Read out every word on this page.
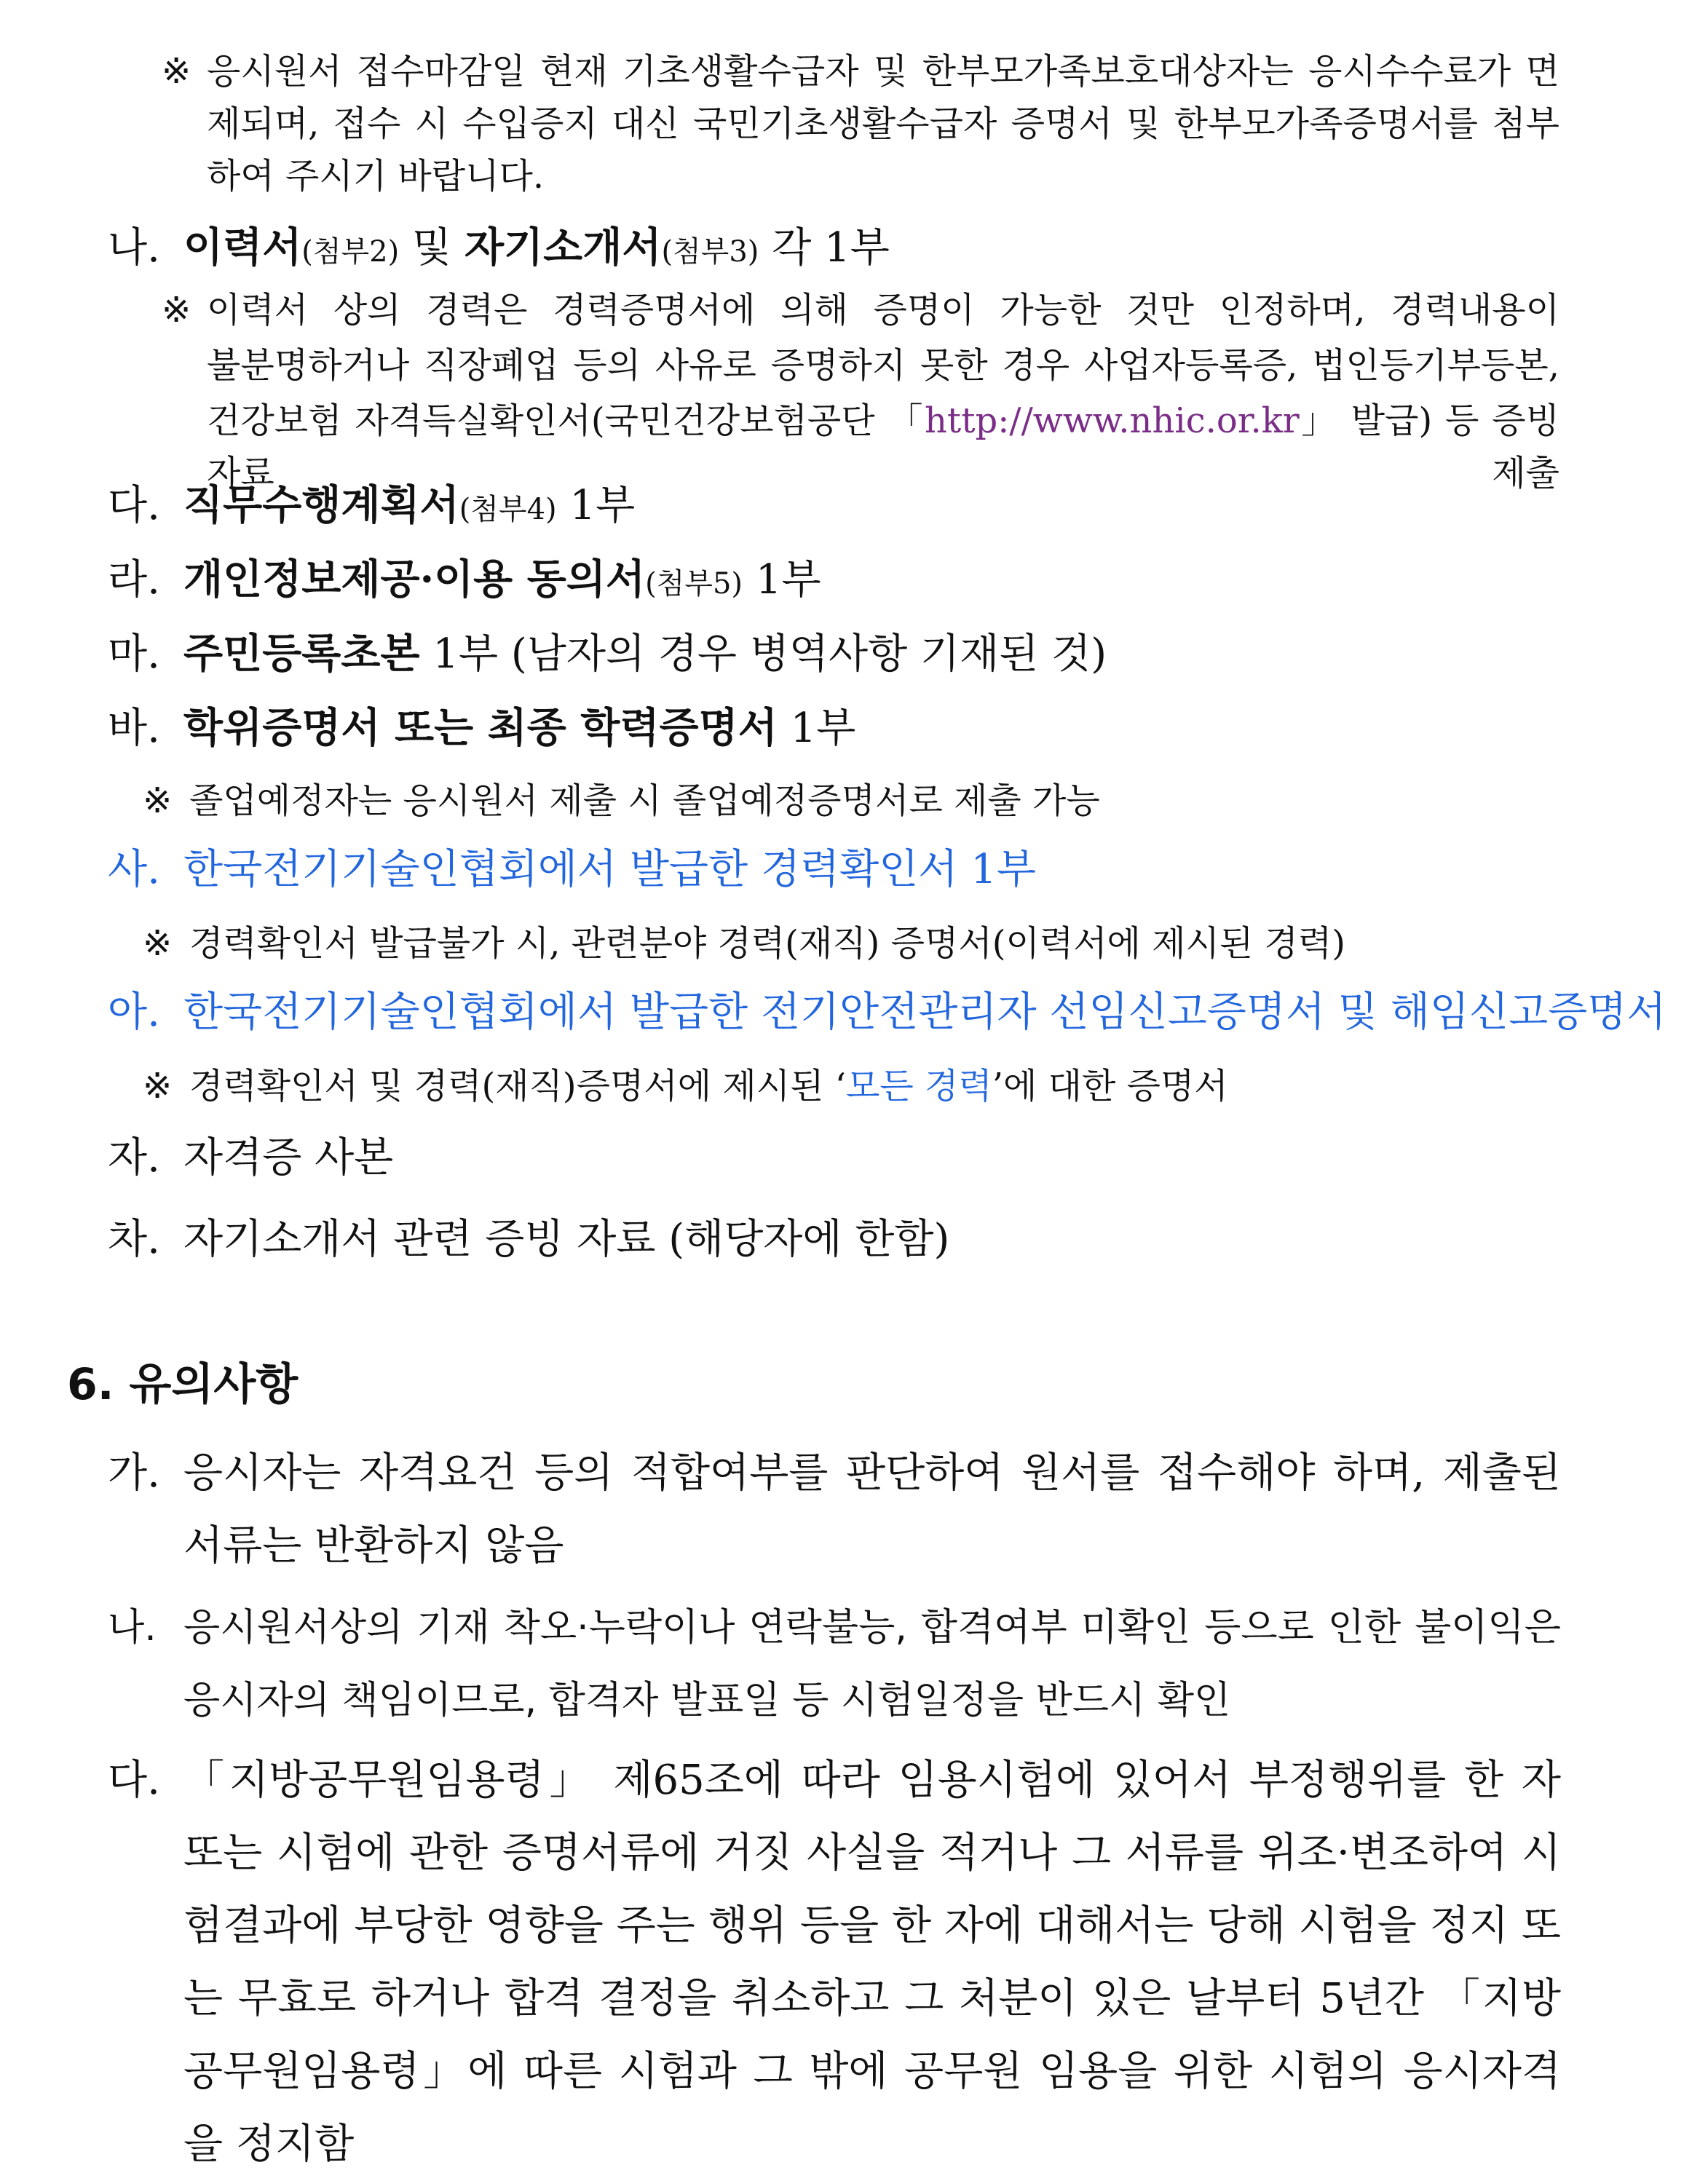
※ 응시원서 접수마감일 현재 기초생활수급자 및 한부모가족보호대상자는 응시수수료가 면제되며, 접수 시 수입증지 대신 국민기초생활수급자 증명서 및 한부모가족증명서를 첨부하여 주시기 바랍니다.
나. 이력서(첨부2) 및 자기소개서(첨부3) 각 1부
※ 이력서 상의 경력은 경력증명서에 의해 증명이 가능한 것만 인정하며, 경력내용이
불분명하거나 직장폐업 등의 사유로 증명하지 못한 경우 사업자등록증, 법인등기부등본,
건강보험 자격득실확인서(국민건강보험공단 「http://www.nhic.or.kr」 발급) 등 증빙자료 제출
다. 직무수행계획서(첨부4) 1부
라. 개인정보제공·이용 동의서(첨부5) 1부
마. 주민등록초본 1부 (남자의 경우 병역사항 기재된 것)
바. 학위증명서 또는 최종 학력증명서 1부
※ 졸업예정자는 응시원서 제출 시 졸업예정증명서로 제출 가능
사. 한국전기기술인협회에서 발급한 경력확인서 1부
※ 경력확인서 발급불가 시, 관련분야 경력(재직) 증명서(이력서에 제시된 경력)
아. 한국전기기술인협회에서 발급한 전기안전관리자 선임신고증명서 및 해임신고증명서
※ 경력확인서 및 경력(재직)증명서에 제시된 ‘모든 경력’에 대한 증명서
자. 자격증 사본
차. 자기소개서 관련 증빙 자료 (해당자에 한함)
6. 유의사항
가. 응시자는 자격요건 등의 적합여부를 판단하여 원서를 접수해야 하며, 제출된 서류는 반환하지 않음
나. 응시원서상의 기재 착오·누락이나 연락불능, 합격여부 미확인 등으로 인한 불이익은 응시자의 책임이므로, 합격자 발표일 등 시험일정을 반드시 확인
다. 「지방공무원임용령」 제65조에 따라 임용시험에 있어서 부정행위를 한 자 또는 시험에 관한 증명서류에 거짓 사실을 적거나 그 서류를 위조·변조하여 시험결과에 부당한 영향을 주는 행위 등을 한 자에 대해서는 당해 시험을 정지 또는 무효로 하거나 합격 결정을 취소하고 그 처분이 있은 날부터 5년간 「지방공무원임용령」에 따른 시험과 그 밖에 공무원 임용을 위한 시험의 응시자격을 정지함
